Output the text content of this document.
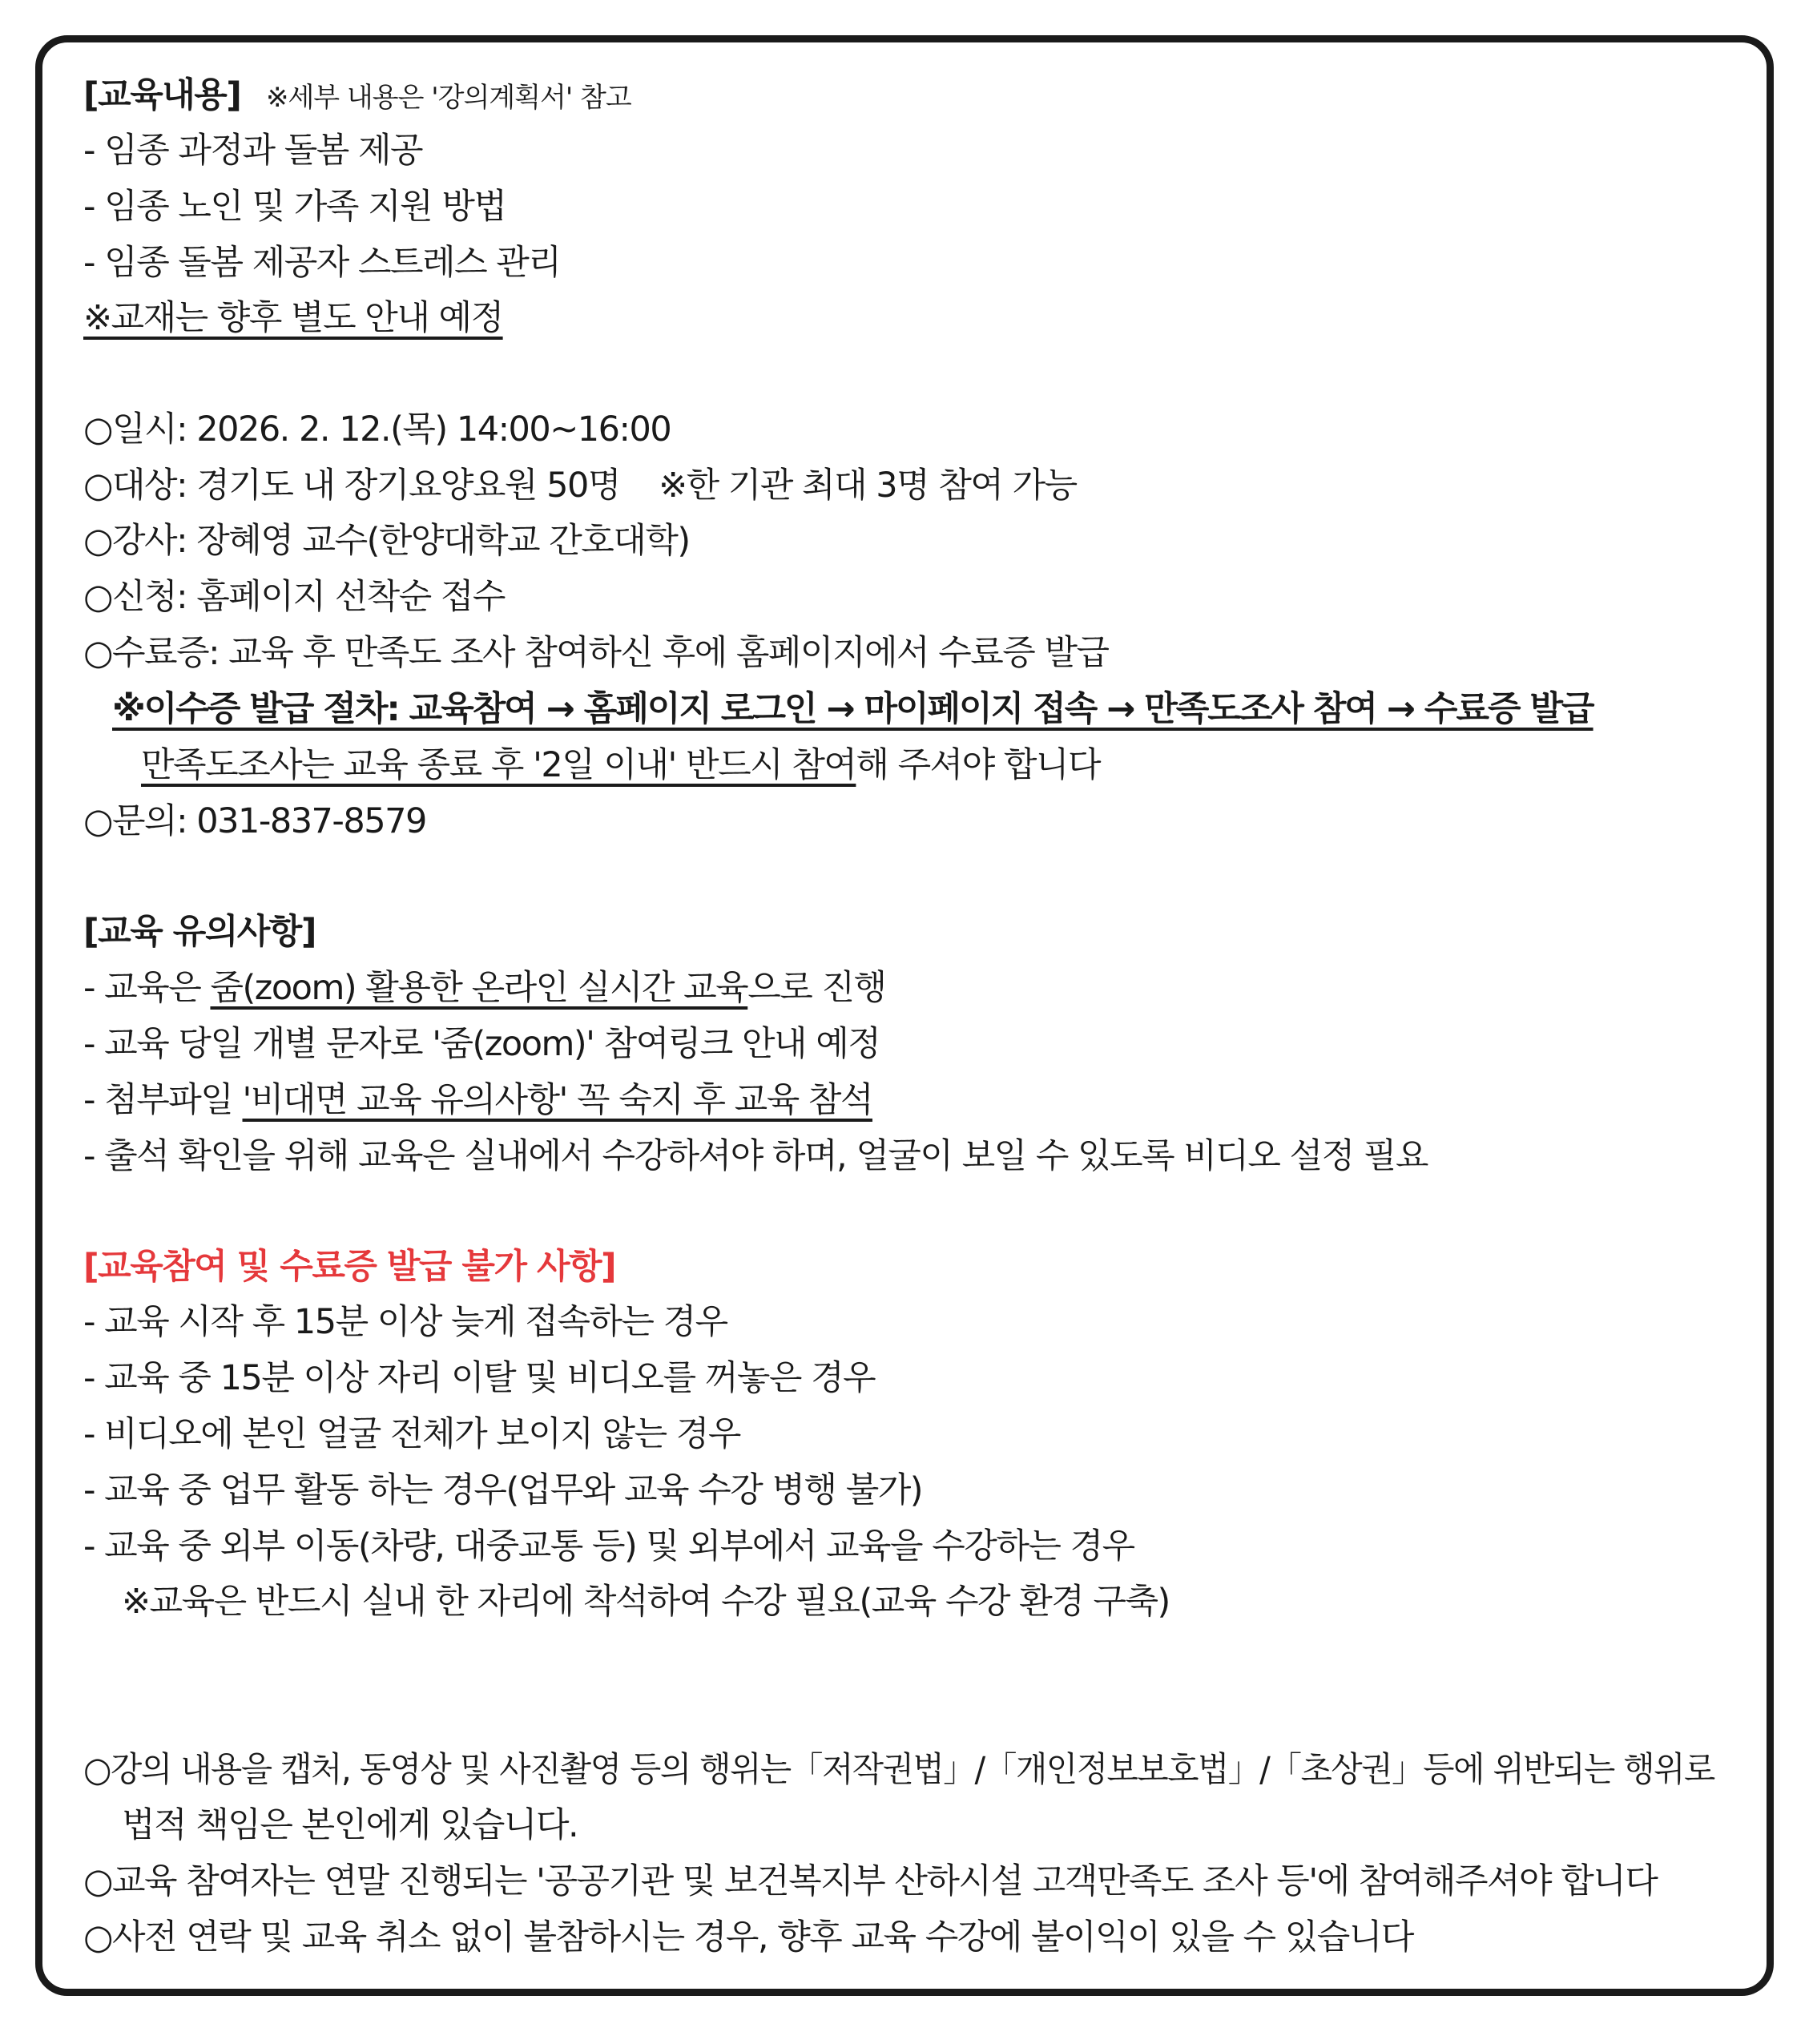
[교육내용] ※세부 내용은 '강의계획서' 참고
- 임종 과정과 돌봄 제공
- 임종 노인 및 가족 지원 방법
- 임종 돌봄 제공자 스트레스 관리
※교재는 향후 별도 안내 예정
○일시: 2026. 2. 12.(목) 14:00~16:00
○대상: 경기도 내 장기요양요원 50명 ※한 기관 최대 3명 참여 가능
○강사: 장혜영 교수(한양대학교 간호대학)
○신청: 홈페이지 선착순 접수
○수료증: 교육 후 만족도 조사 참여하신 후에 홈페이지에서 수료증 발급
※이수증 발급 절차: 교육참여 → 홈페이지 로그인 → 마이페이지 접속 → 만족도조사 참여 → 수료증 발급
만족도조사는 교육 종료 후 '2일 이내' 반드시 참여해 주셔야 합니다
○문의: 031-837-8579
[교육 유의사항]
- 교육은 줌(zoom) 활용한 온라인 실시간 교육으로 진행
- 교육 당일 개별 문자로 '줌(zoom)' 참여링크 안내 예정
- 첨부파일 '비대면 교육 유의사항' 꼭 숙지 후 교육 참석
- 출석 확인을 위해 교육은 실내에서 수강하셔야 하며, 얼굴이 보일 수 있도록 비디오 설정 필요
[교육참여 및 수료증 발급 불가 사항]
- 교육 시작 후 15분 이상 늦게 접속하는 경우
- 교육 중 15분 이상 자리 이탈 및 비디오를 꺼놓은 경우
- 비디오에 본인 얼굴 전체가 보이지 않는 경우
- 교육 중 업무 활동 하는 경우(업무와 교육 수강 병행 불가)
- 교육 중 외부 이동(차량, 대중교통 등) 및 외부에서 교육을 수강하는 경우
※교육은 반드시 실내 한 자리에 착석하여 수강 필요(교육 수강 환경 구축)
○강의 내용을 캡처, 동영상 및 사진촬영 등의 행위는「저작권법」/「개인정보보호법」/「초상권」등에 위반되는 행위로
법적 책임은 본인에게 있습니다.
○교육 참여자는 연말 진행되는 '공공기관 및 보건복지부 산하시설 고객만족도 조사 등'에 참여해주셔야 합니다
○사전 연락 및 교육 취소 없이 불참하시는 경우, 향후 교육 수강에 불이익이 있을 수 있습니다
